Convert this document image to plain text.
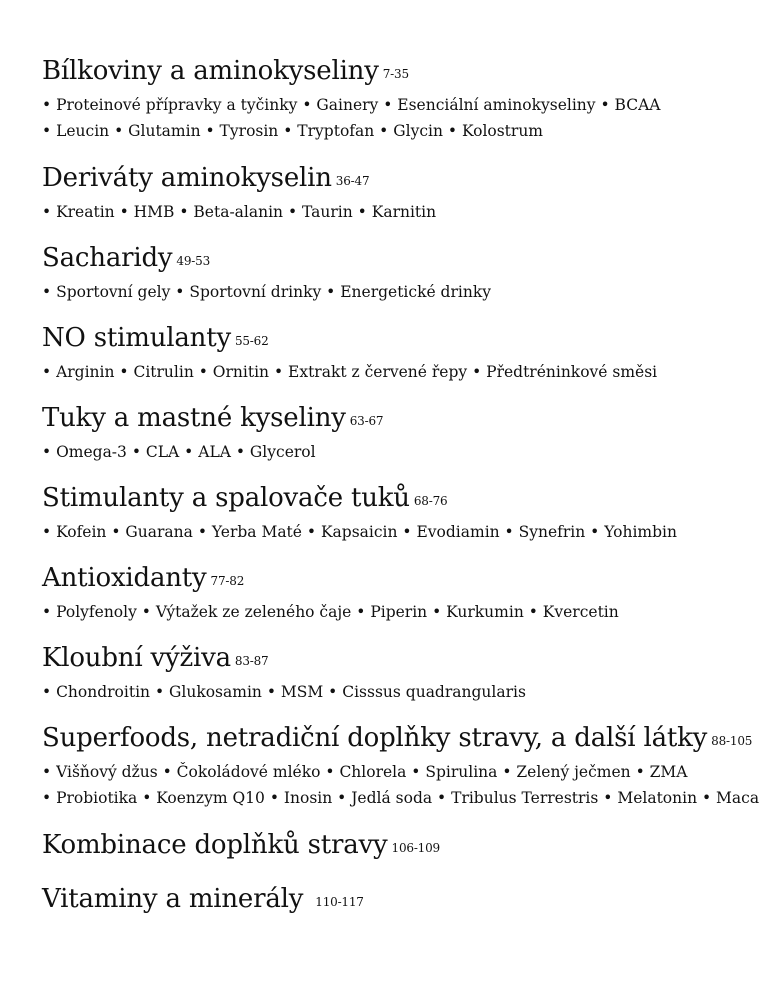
Bílkoviny a aminokyseliny 7-35
• Proteinové přípravky a tyčinky • Gainery • Esenciální aminokyseliny • BCAA
• Leucin • Glutamin • Tyrosin • Tryptofan • Glycin • Kolostrum
Deriváty aminokyselin 36-47
• Kreatin • HMB • Beta-alanin • Taurin • Karnitin
Sacharidy 49-53
• Sportovní gely • Sportovní drinky • Energetické drinky
NO stimulanty 55-62
• Arginin • Citrulin • Ornitin • Extrakt z červené řepy • Předtréninkové směsi
Tuky a mastné kyseliny 63-67
• Omega-3 • CLA • ALA • Glycerol
Stimulanty a spalovače tuků 68-76
• Kofein • Guarana • Yerba Maté • Kapsaicin • Evodiamin • Synefrin • Yohimbin
Antioxidanty 77-82
• Polyfenoly • Výtažek ze zeleného čaje • Piperin • Kurkumin • Kvercetin
Kloubní výživa 83-87
• Chondroitin • Glukosamin • MSM • Cisssus quadrangularis
Superfoods, netradiční doplňky stravy, a další látky 88-105
• Višňový džus • Čokoládové mléko • Chlorela • Spirulina • Zelený ječmen • ZMA
• Probiotika • Koenzym Q10 • Inosin • Jedlá soda • Tribulus Terrestris • Melatonin • Maca
Kombinace doplňků stravy 106-109
Vitaminy a minerály 110-117
